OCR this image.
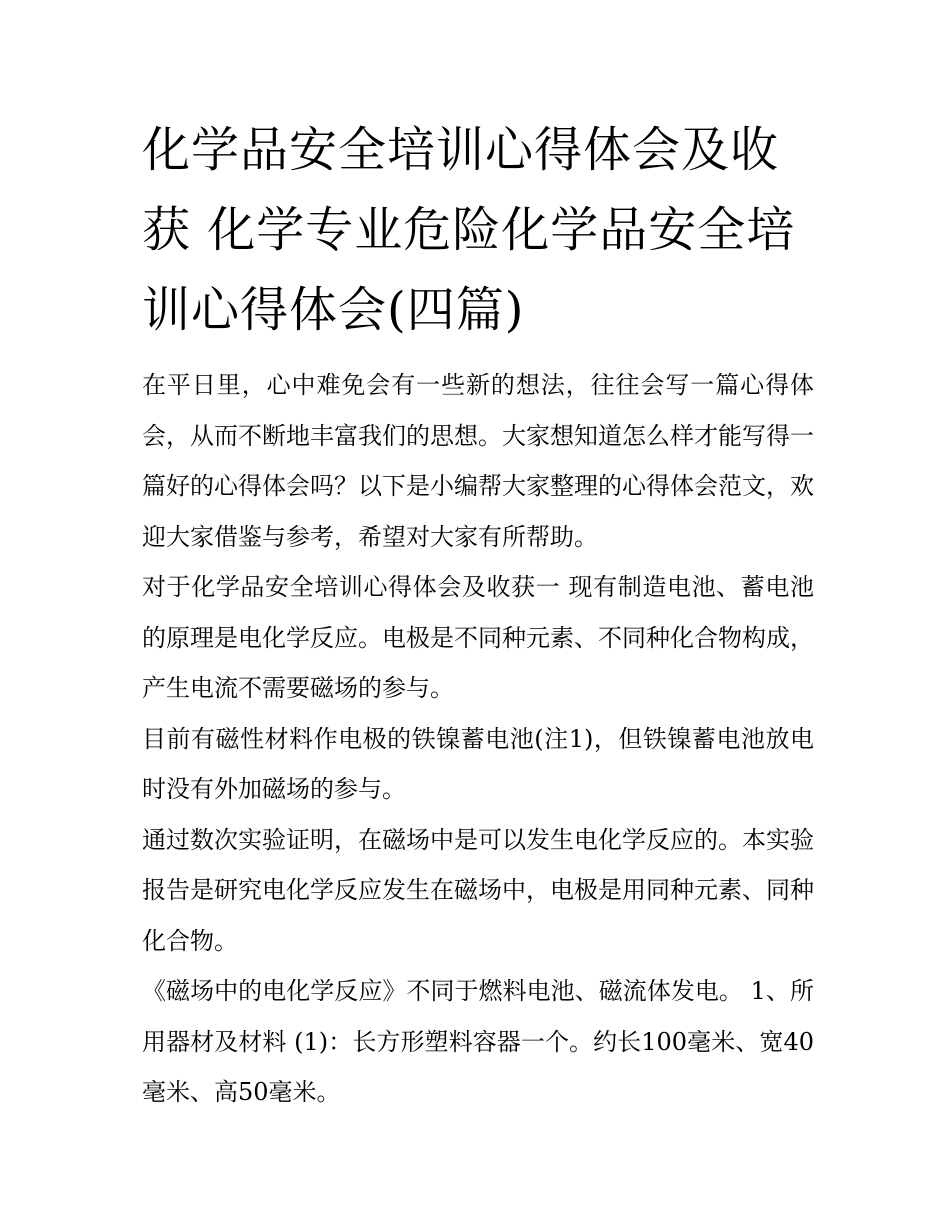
化学品安全培训心得体会及收获 化学专业危险化学品安全培训心得体会(四篇)

在平日里，心中难免会有一些新的想法，往往会写一篇心得体会，从而不断地丰富我们的思想。大家想知道怎么样才能写得一篇好的心得体会吗？以下是小编帮大家整理的心得体会范文，欢迎大家借鉴与参考，希望对大家有所帮助。

对于化学品安全培训心得体会及收获一 现有制造电池、蓄电池的原理是电化学反应。电极是不同种元素、不同种化合物构成，产生电流不需要磁场的参与。

目前有磁性材料作电极的铁镍蓄电池(注1)，但铁镍蓄电池放电时没有外加磁场的参与。

通过数次实验证明，在磁场中是可以发生电化学反应的。本实验报告是研究电化学反应发生在磁场中，电极是用同种元素、同种化合物。

《磁场中的电化学反应》不同于燃料电池、磁流体发电。 1、所用器材及材料 (1)：长方形塑料容器一个。约长100毫米、宽40毫米、高50毫米。
